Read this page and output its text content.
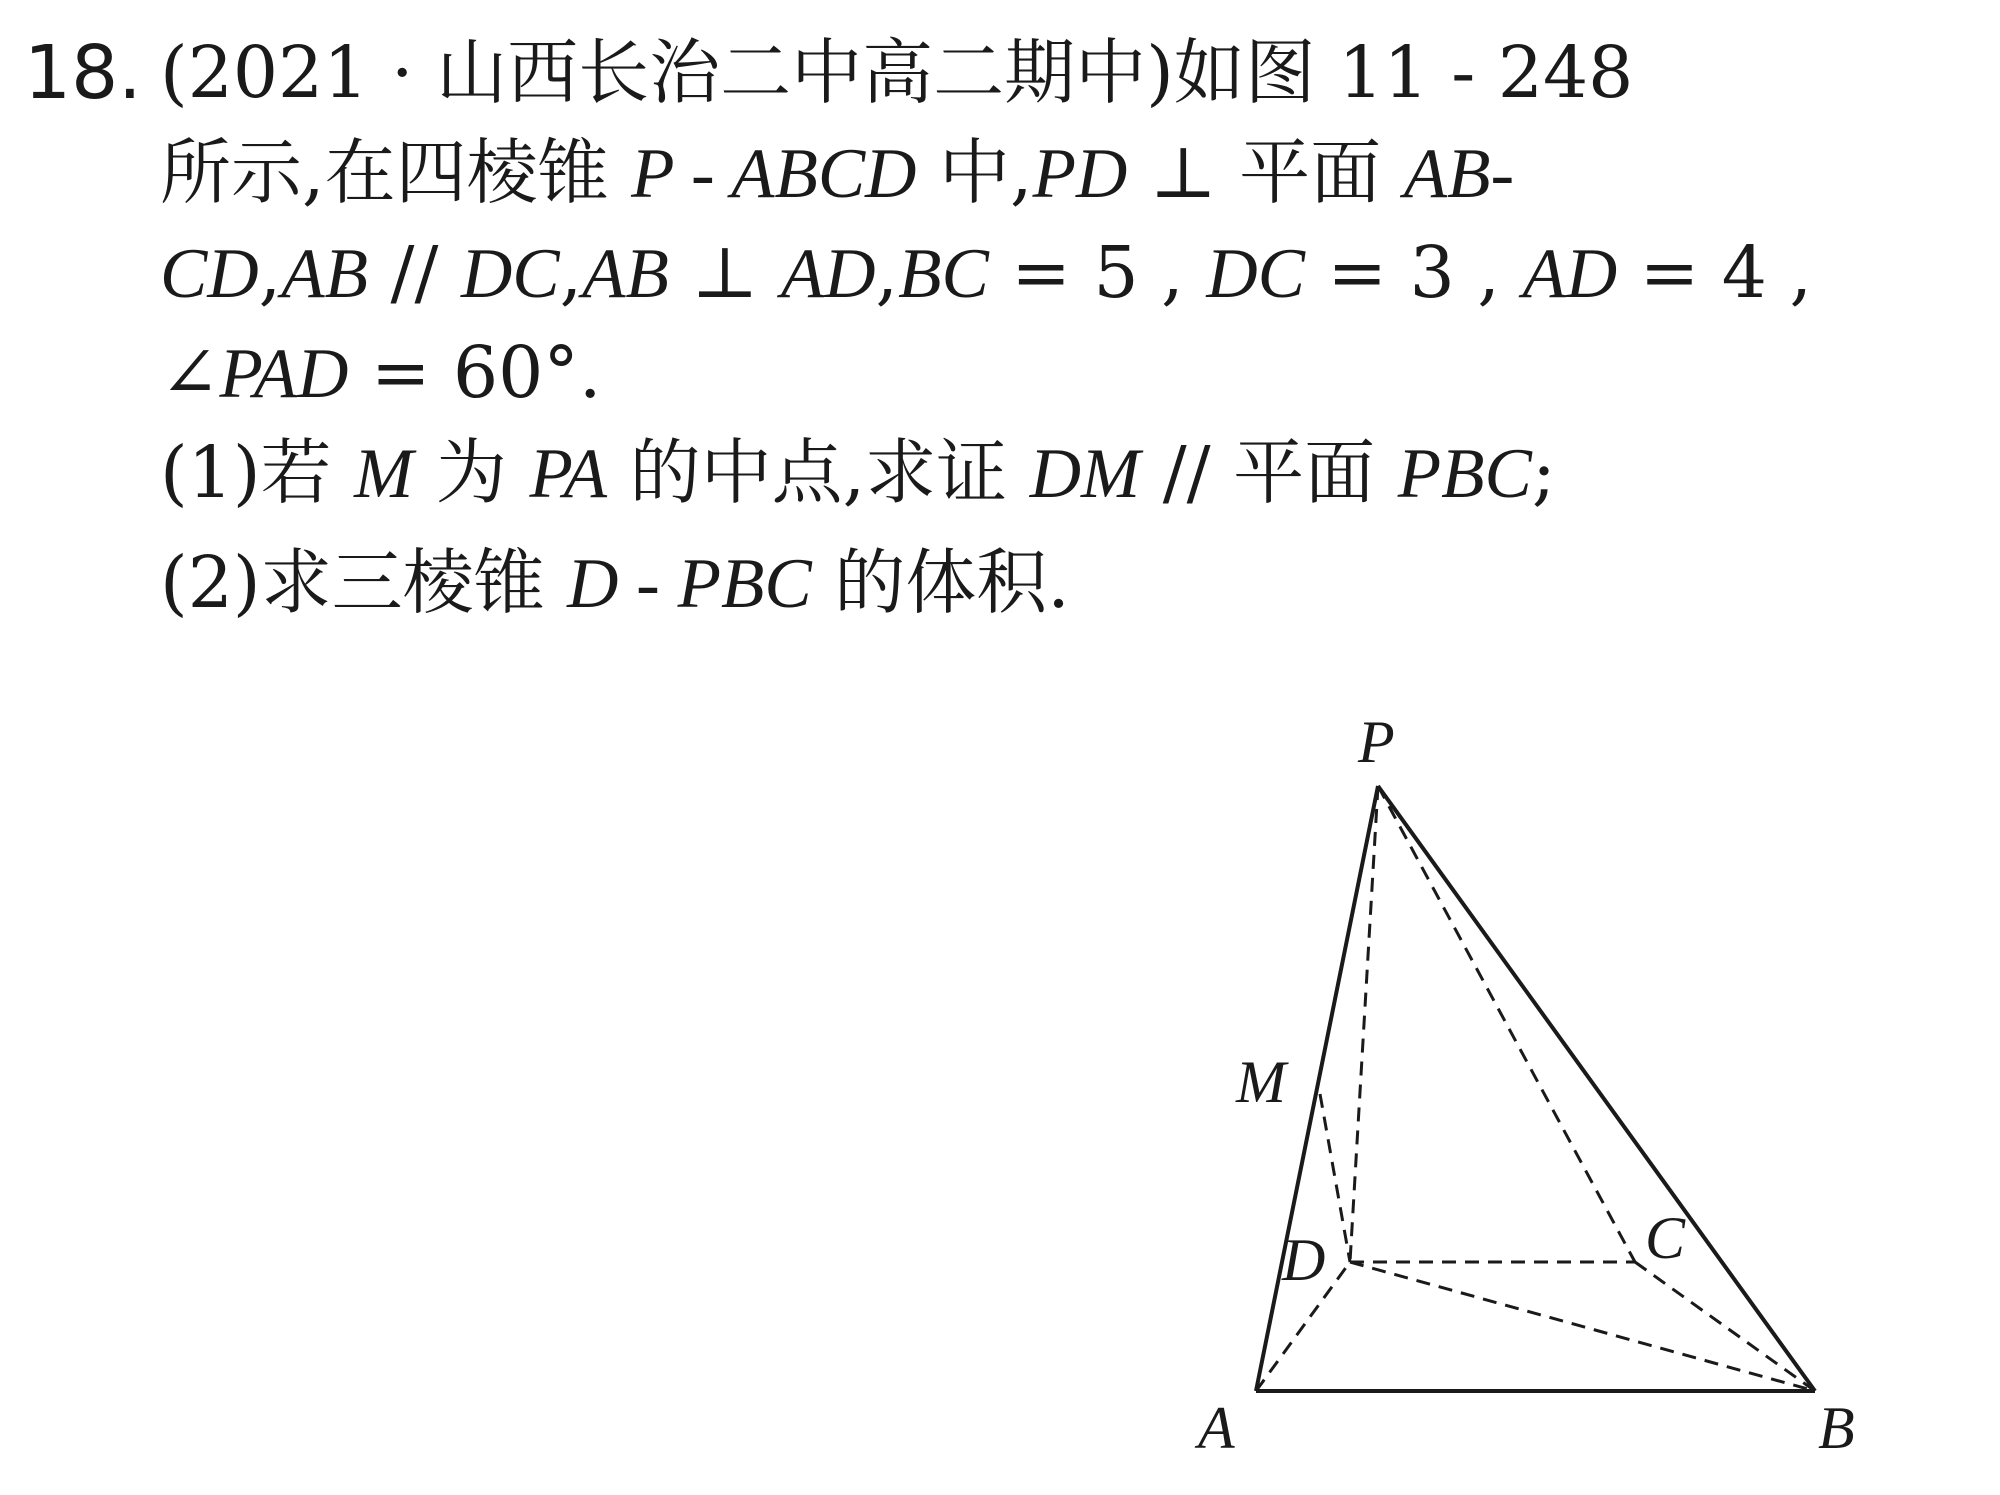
18. (2021 · 山西长治二中高二期中)如图 11 - 248
所示,在四棱锥 P - ABCD 中,PD ⊥ 平面 AB-
CD,AB // DC,AB ⊥ AD,BC = 5 , DC = 3 , AD = 4 ,
∠PAD = 60°.
(1)若 M 为 PA 的中点,求证 DM // 平面 PBC;
(2)求三棱锥 D - PBC 的体积.
P
M
D	C
A	B
